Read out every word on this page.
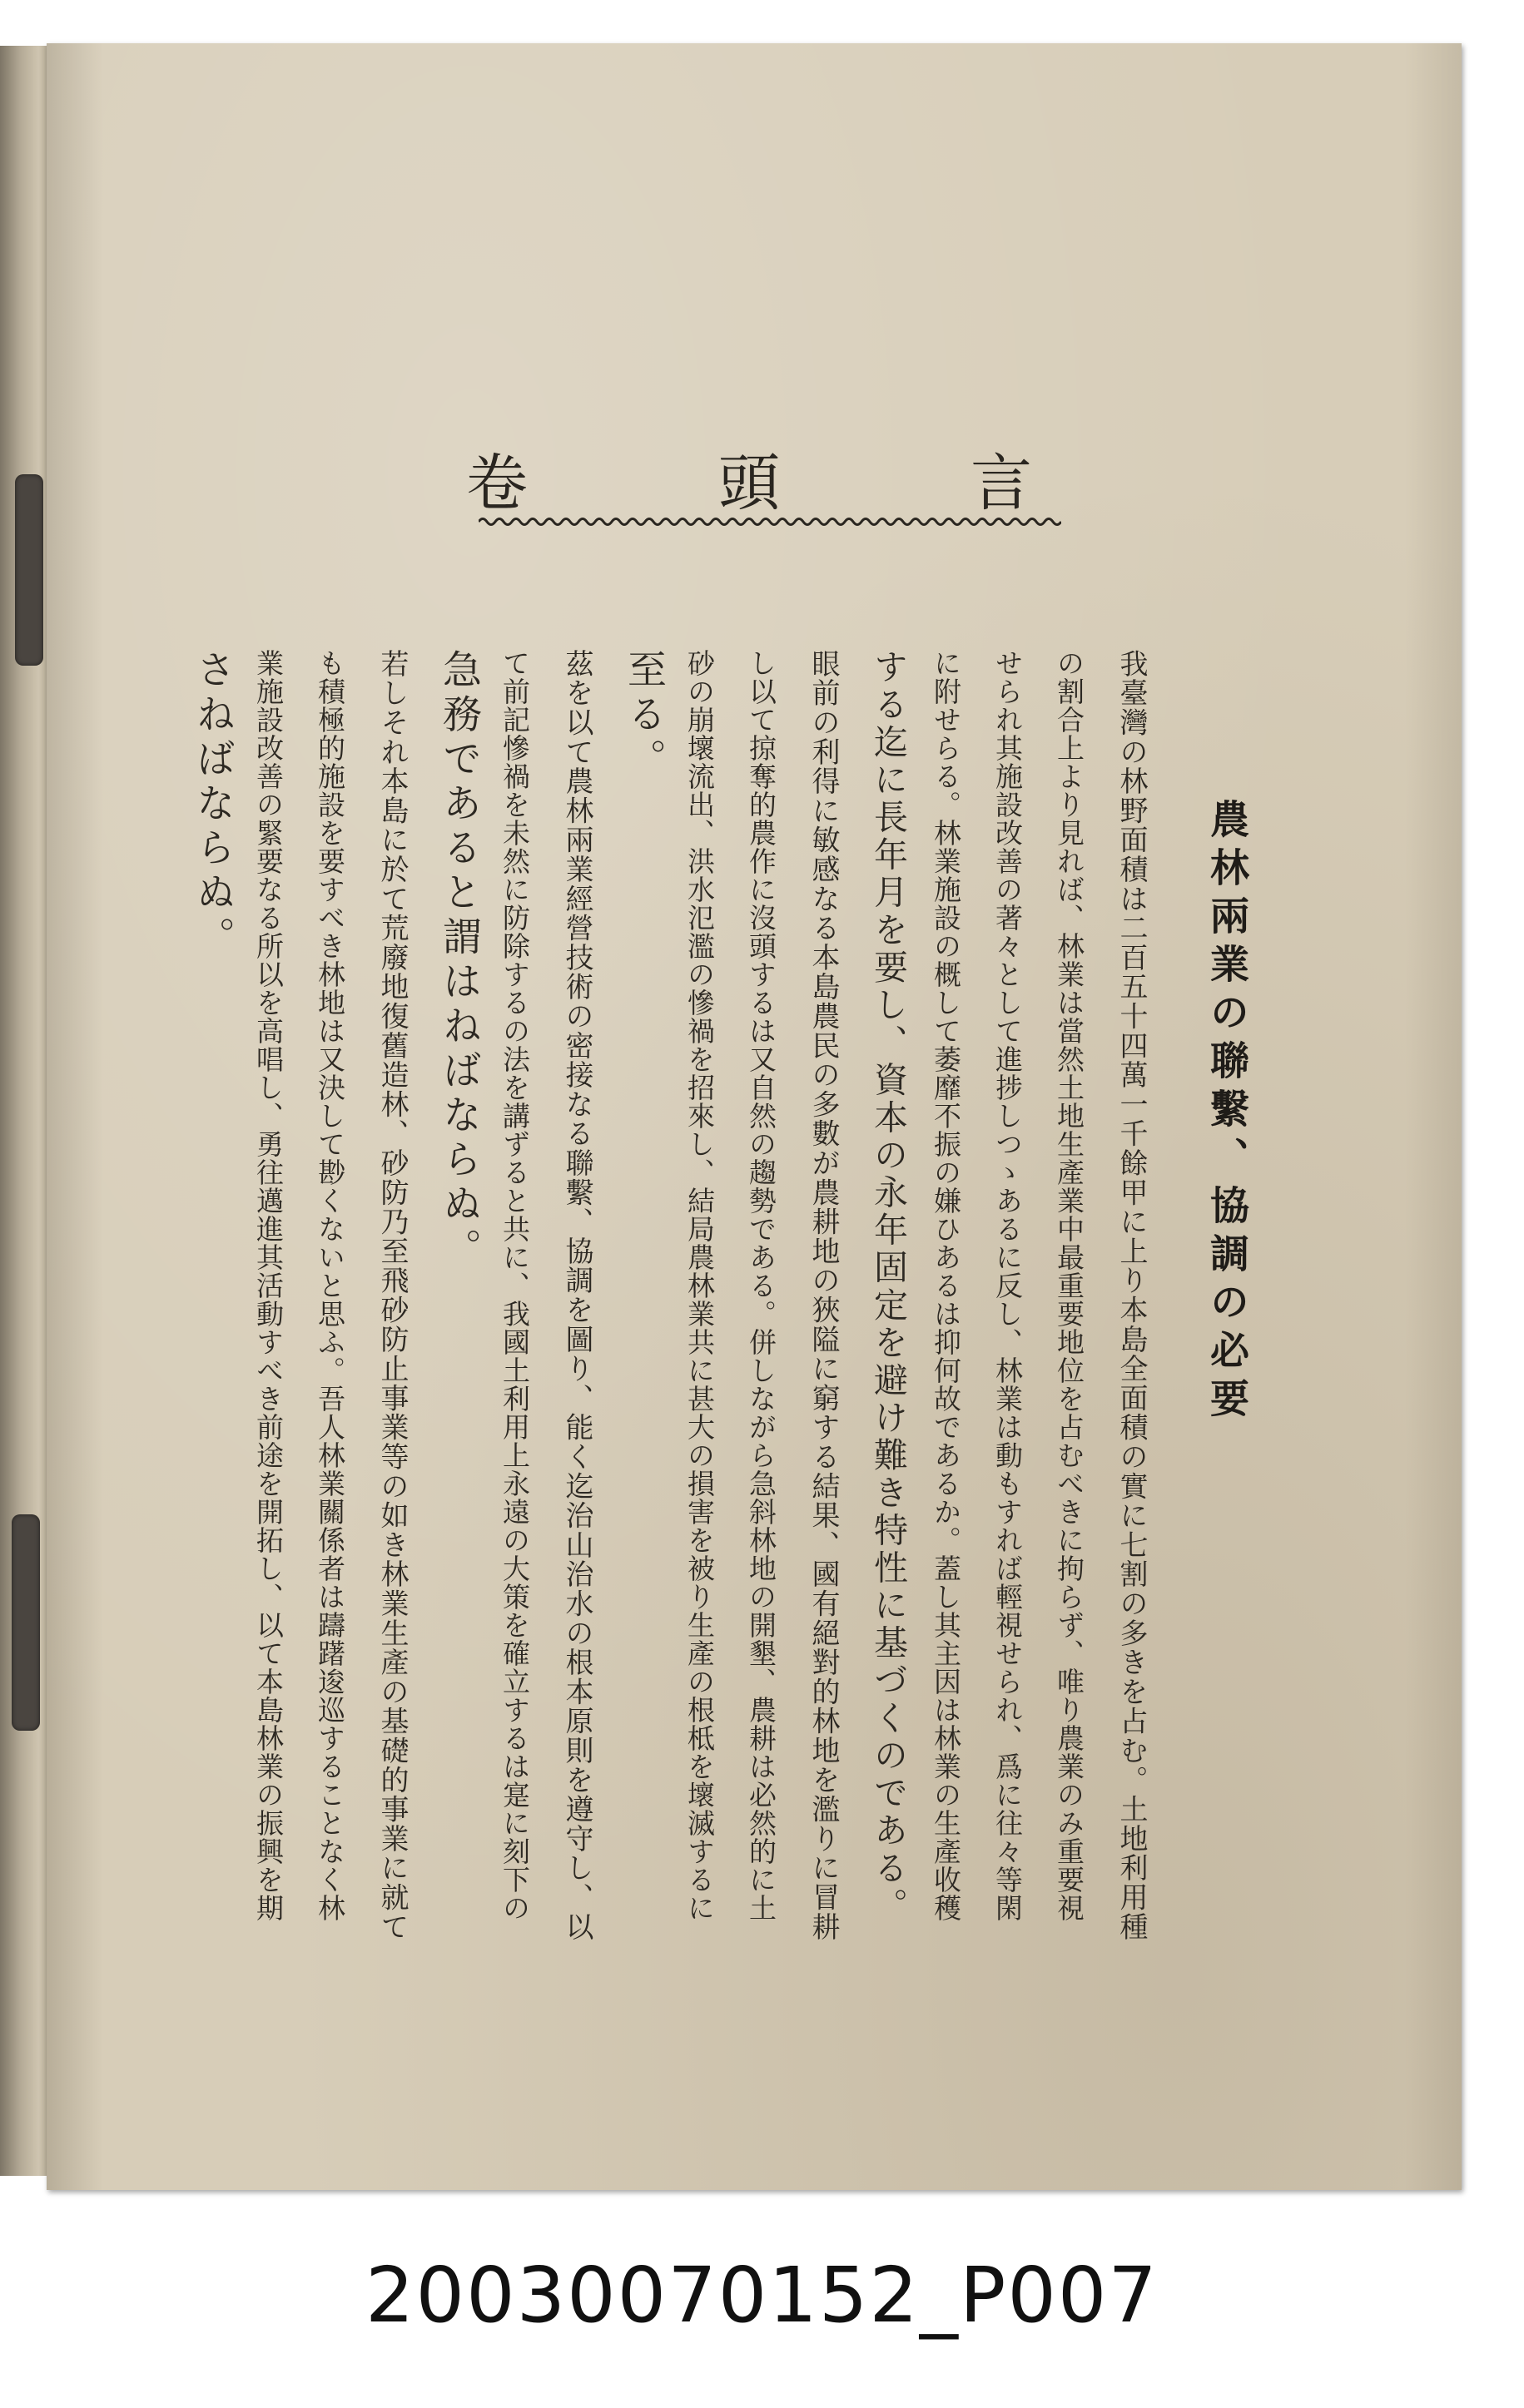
卷	頭	言
農林兩業の聯繫、協調の必要
我臺灣の林野面積は二百五十四萬一千餘甲に上り本島全面積の實に七割の多きを占む。土地利用種
の割合上より見れば、林業は當然土地生產業中最重要地位を占むべきに拘らず、唯り農業のみ重要視
せられ其施設改善の著々として進捗しつゝあるに反し、林業は動もすれば輕視せられ、爲に往々等閑
に附せらる。林業施設の概して萎靡不振の嫌ひあるは抑何故であるか。蓋し其主因は林業の生產收穫
する迄に長年月を要し、資本の永年固定を避け難き特性に基づくのである。
眼前の利得に敏感なる本島農民の多數が農耕地の狹隘に窮する結果、國有絕對的林地を濫りに冒耕
し以て掠奪的農作に沒頭するは又自然の趨勢である。併しながら急斜林地の開墾、農耕は必然的に土
砂の崩壞流出、洪水氾濫の慘禍を招來し、結局農林業共に甚大の損害を被り生產の根柢を壞滅するに
至る。
茲を以て農林兩業經營技術の密接なる聯繫、協調を圖り、能く迄治山治水の根本原則を遵守し、以
て前記慘禍を未然に防除するの法を講ずると共に、我國土利用上永遠の大策を確立するは寔に刻下の
急務であると謂はねばならぬ。
若しそれ本島に於て荒廢地復舊造林、砂防乃至飛砂防止事業等の如き林業生產の基礎的事業に就て
も積極的施設を要すべき林地は又決して尠くないと思ふ。吾人林業關係者は躊躇逡巡することなく林
業施設改善の緊要なる所以を高唱し、勇往邁進其活動すべき前途を開拓し、以て本島林業の振興を期
さねばならぬ。
20030070152_P007
